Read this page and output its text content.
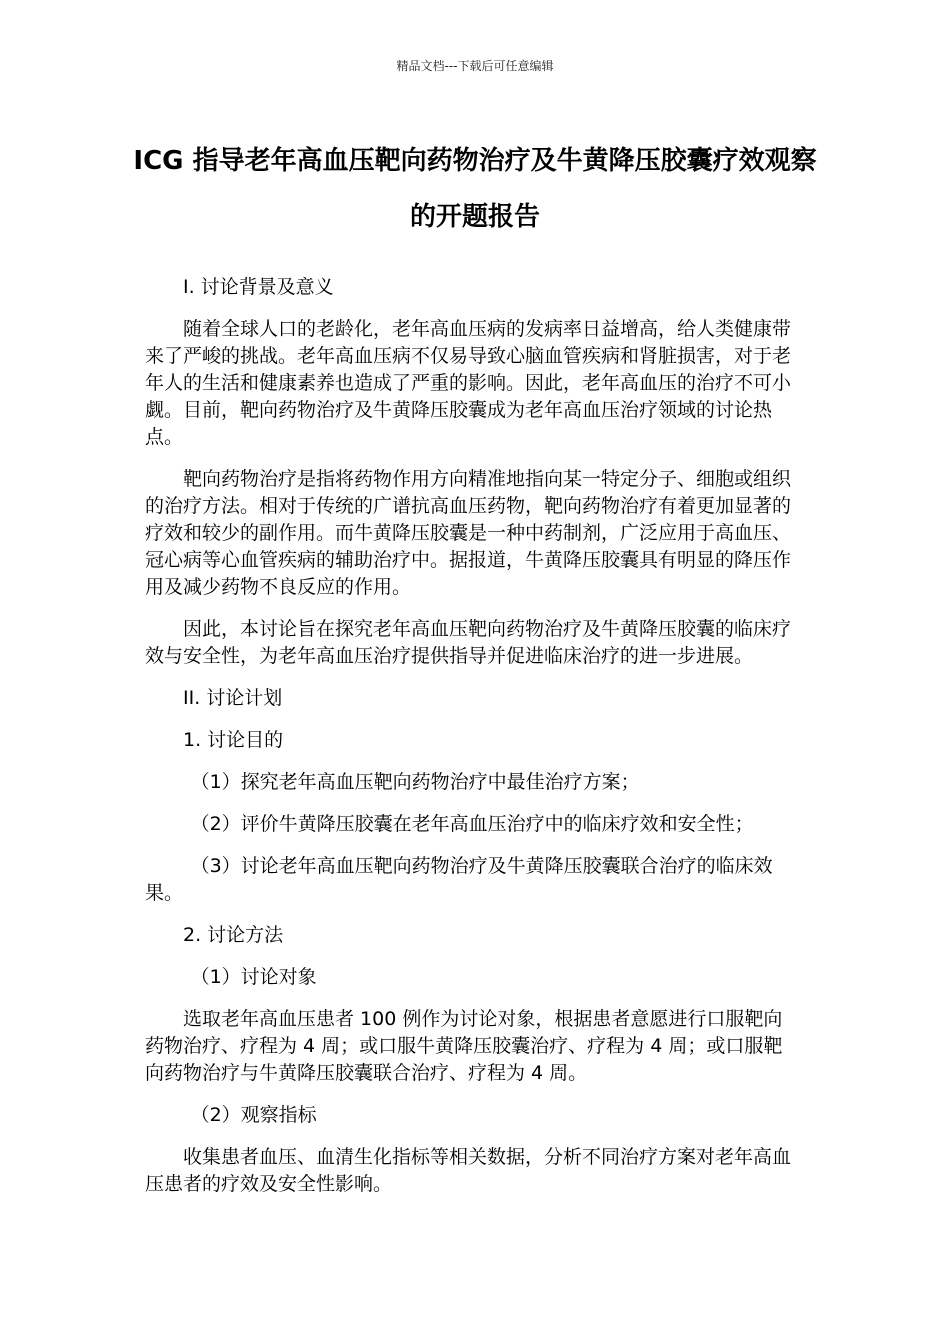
精品文档---下载后可任意编辑
ICG 指导老年高血压靶向药物治疗及牛黄降压胶囊疗效观察的开题报告

I. 讨论背景及意义

随着全球人口的老龄化，老年高血压病的发病率日益增高，给人类健康带来了严峻的挑战。老年高血压病不仅易导致心脑血管疾病和肾脏损害，对于老年人的生活和健康素养也造成了严重的影响。因此，老年高血压的治疗不可小觑。目前，靶向药物治疗及牛黄降压胶囊成为老年高血压治疗领域的讨论热点。

靶向药物治疗是指将药物作用方向精准地指向某一特定分子、细胞或组织的治疗方法。相对于传统的广谱抗高血压药物，靶向药物治疗有着更加显著的疗效和较少的副作用。而牛黄降压胶囊是一种中药制剂，广泛应用于高血压、冠心病等心血管疾病的辅助治疗中。据报道，牛黄降压胶囊具有明显的降压作用及减少药物不良反应的作用。

因此，本讨论旨在探究老年高血压靶向药物治疗及牛黄降压胶囊的临床疗效与安全性，为老年高血压治疗提供指导并促进临床治疗的进一步进展。

II. 讨论计划

1. 讨论目的

（1）探究老年高血压靶向药物治疗中最佳治疗方案；

（2）评价牛黄降压胶囊在老年高血压治疗中的临床疗效和安全性；

（3）讨论老年高血压靶向药物治疗及牛黄降压胶囊联合治疗的临床效果。

2. 讨论方法

（1）讨论对象

选取老年高血压患者 100 例作为讨论对象，根据患者意愿进行口服靶向药物治疗、疗程为 4 周；或口服牛黄降压胶囊治疗、疗程为 4 周；或口服靶向药物治疗与牛黄降压胶囊联合治疗、疗程为 4 周。

（2）观察指标

收集患者血压、血清生化指标等相关数据，分析不同治疗方案对老年高血压患者的疗效及安全性影响。
